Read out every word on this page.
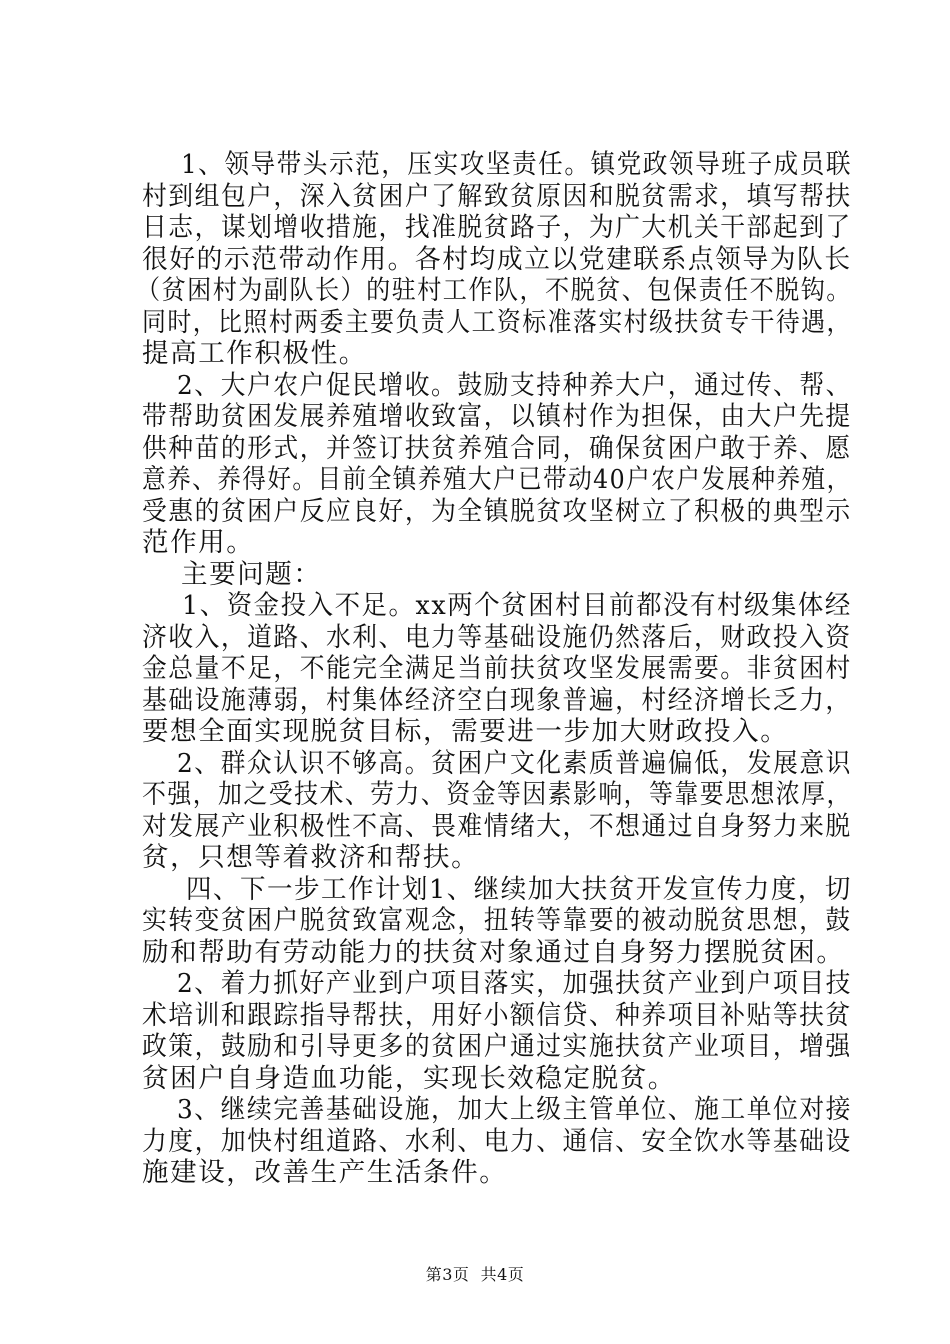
1、领导带头示范，压实攻坚责任。镇党政领导班子成员联
村到组包户，深入贫困户了解致贫原因和脱贫需求，填写帮扶
日志，谋划增收措施，找准脱贫路子，为广大机关干部起到了
很好的示范带动作用。各村均成立以党建联系点领导为队长
（贫困村为副队长）的驻村工作队，不脱贫、包保责任不脱钩。
同时，比照村两委主要负责人工资标准落实村级扶贫专干待遇，
提高工作积极性。
2、大户农户促民增收。鼓励支持种养大户，通过传、帮、
带帮助贫困发展养殖增收致富，以镇村作为担保，由大户先提
供种苗的形式，并签订扶贫养殖合同，确保贫困户敢于养、愿
意养、养得好。目前全镇养殖大户已带动40户农户发展种养殖，
受惠的贫困户反应良好，为全镇脱贫攻坚树立了积极的典型示
范作用。
主要问题：
1、资金投入不足。xx两个贫困村目前都没有村级集体经
济收入，道路、水利、电力等基础设施仍然落后，财政投入资
金总量不足，不能完全满足当前扶贫攻坚发展需要。非贫困村
基础设施薄弱，村集体经济空白现象普遍，村经济增长乏力，
要想全面实现脱贫目标，需要进一步加大财政投入。
2、群众认识不够高。贫困户文化素质普遍偏低，发展意识
不强，加之受技术、劳力、资金等因素影响，等靠要思想浓厚，
对发展产业积极性不高、畏难情绪大，不想通过自身努力来脱
贫，只想等着救济和帮扶。
四、下一步工作计划1、继续加大扶贫开发宣传力度，切
实转变贫困户脱贫致富观念，扭转等靠要的被动脱贫思想，鼓
励和帮助有劳动能力的扶贫对象通过自身努力摆脱贫困。
2、着力抓好产业到户项目落实，加强扶贫产业到户项目技
术培训和跟踪指导帮扶，用好小额信贷、种养项目补贴等扶贫
政策，鼓励和引导更多的贫困户通过实施扶贫产业项目，增强
贫困户自身造血功能，实现长效稳定脱贫。
3、继续完善基础设施，加大上级主管单位、施工单位对接
力度，加快村组道路、水利、电力、通信、安全饮水等基础设
施建设，改善生产生活条件。
第3页  共4页
